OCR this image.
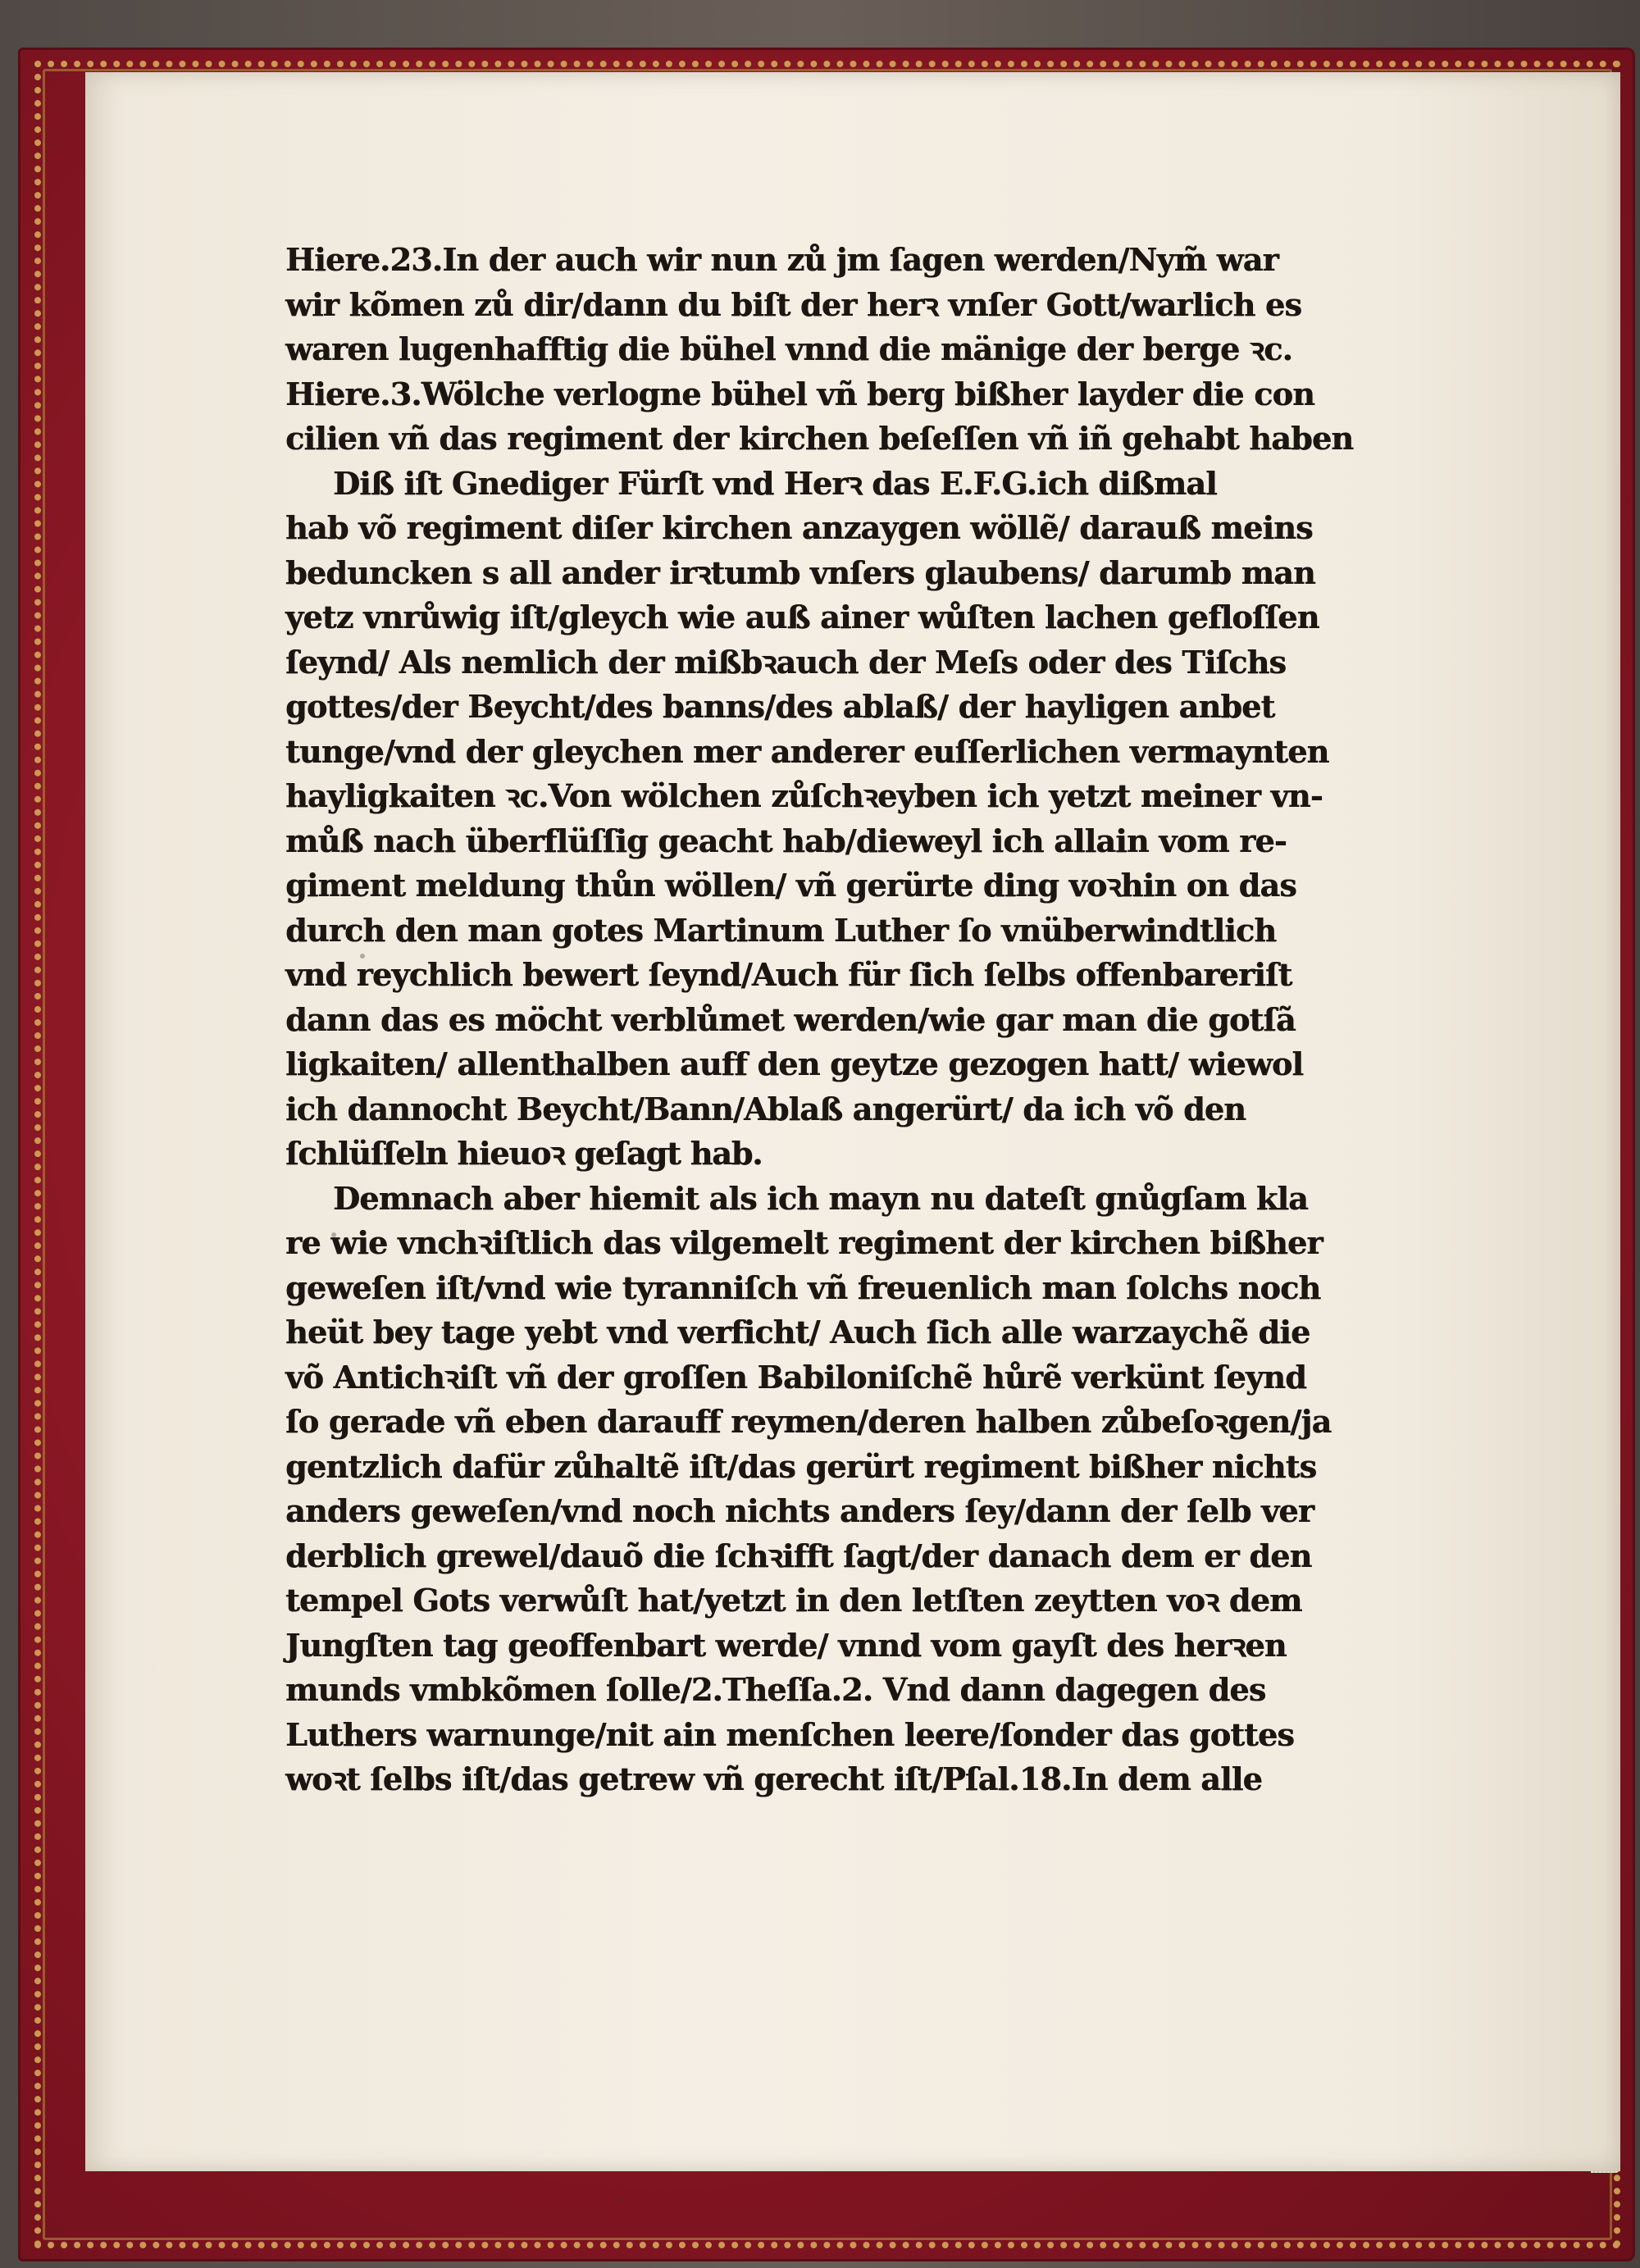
Hiere.23.In der auch wir nun zů jm ſagen werden/Nym̃ war
wir kõmen zů dir/dann du biſt der herꝛ vnſer Gott/warlich es
waren lugenhafftig die bühel vnnd die mänige der berge ꝛc.
Hiere.3.Wölche verlogne bühel vñ berg bißher layder die con
cilien vñ das regiment der kirchen beſeſſen vñ iñ gehabt haben
Diß iſt Gnediger Fürſt vnd Herꝛ das E.F.G.ich dißmal
hab võ regiment diſer kirchen anzaygen wöllẽ/ darauß meins
beduncken s all ander irꝛtumb vnſers glaubens/ darumb man
yetz vnrůwig iſt/gleych wie auß ainer wůſten lachen gefloſſen
ſeynd/ Als nemlich der mißbꝛauch der Meſs oder des Tiſchs
gottes/der Beycht/des banns/des ablaß/ der hayligen anbet
tunge/vnd der gleychen mer anderer euſſerlichen vermaynten
hayligkaiten ꝛc.Von wölchen zůſchꝛeyben ich yetzt meiner vn-
můß nach überflüſſig geacht hab/dieweyl ich allain vom re-
giment meldung thůn wöllen/ vñ gerürte ding voꝛhin on das
durch den man gotes Martinum Luther ſo vnüberwindtlich
vnd reychlich bewert ſeynd/Auch für ſich ſelbs offenbareriſt
dann das es möcht verblůmet werden/wie gar man die gotſã
ligkaiten/ allenthalben auff den geytze gezogen hatt/ wiewol
ich dannocht Beycht/Bann/Ablaß angerürt/ da ich võ den
ſchlüſſeln hieuoꝛ geſagt hab.
Demnach aber hiemit als ich mayn nu dateſt gnůgſam kla
re wie vnchꝛiſtlich das vilgemelt regiment der kirchen bißher
geweſen iſt/vnd wie tyranniſch vñ freuenlich man ſolchs noch
heüt bey tage yebt vnd verficht/ Auch ſich alle warzaychẽ die
võ Antichꝛiſt vñ der groſſen Babiloniſchẽ hůrẽ verkünt ſeynd
ſo gerade vñ eben darauff reymen/deren halben zůbeſoꝛgen/ja
gentzlich dafür zůhaltẽ iſt/das gerürt regiment bißher nichts
anders geweſen/vnd noch nichts anders ſey/dann der ſelb ver
derblich grewel/dauõ die ſchꝛifft ſagt/der danach dem er den
tempel Gots verwůſt hat/yetzt in den letſten zeytten voꝛ dem
Jungſten tag geoffenbart werde/ vnnd vom gayſt des herꝛen
munds vmbkõmen ſolle/2.Theſſa.2. Vnd dann dagegen des
Luthers warnunge/nit ain menſchen leere/ſonder das gottes
woꝛt ſelbs iſt/das getrew vñ gerecht iſt/Pſal.18.In dem alle
